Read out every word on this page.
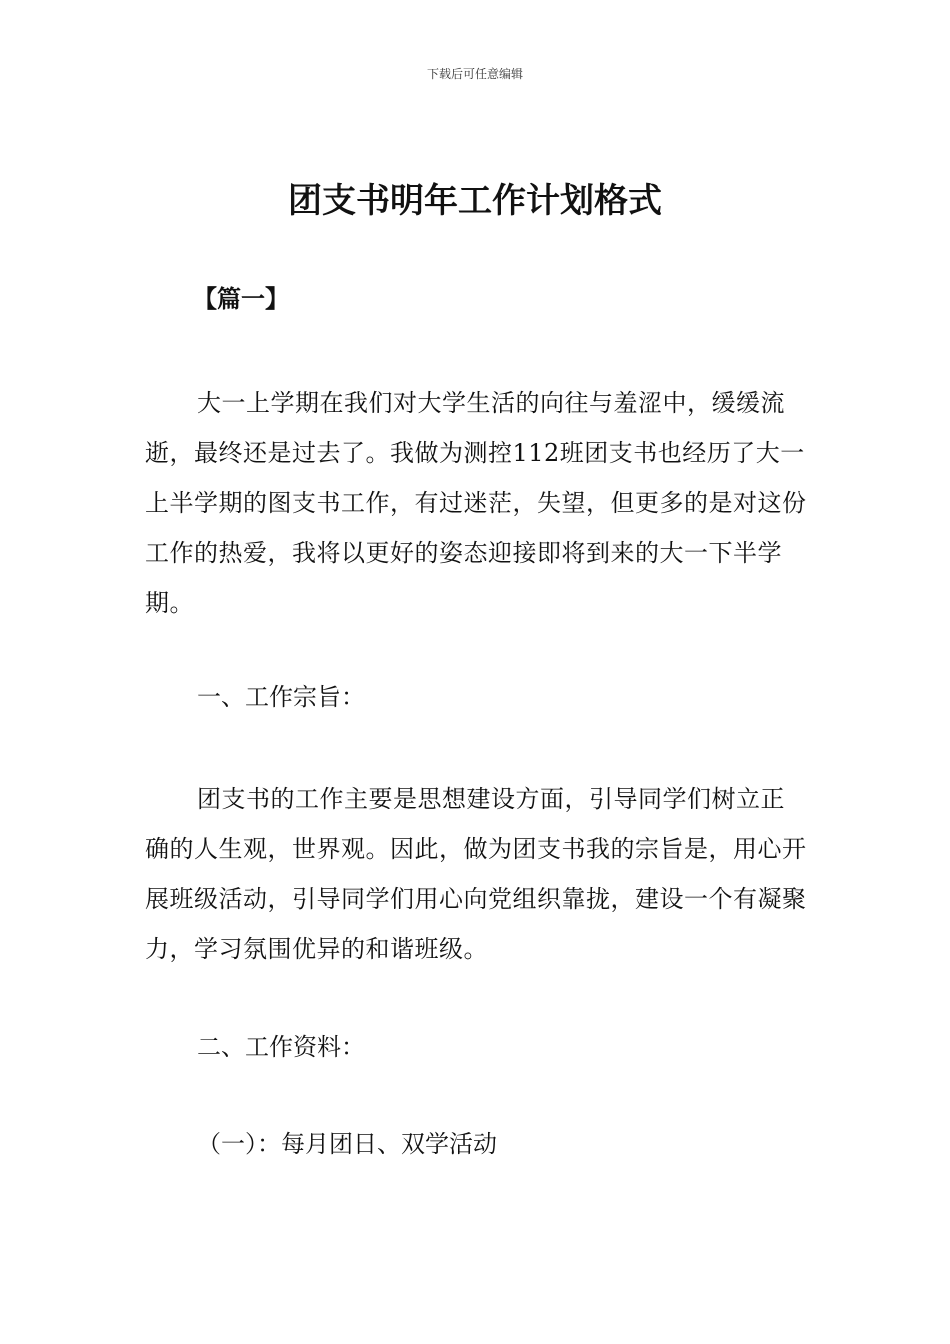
下载后可任意编辑
团支书明年工作计划格式
【篇一】

大一上学期在我们对大学生活的向往与羞涩中，缓缓流逝，最终还是过去了。我做为测控112班团支书也经历了大一上半学期的图支书工作，有过迷茫，失望，但更多的是对这份工作的热爱，我将以更好的姿态迎接即将到来的大一下半学期。

一、工作宗旨：

团支书的工作主要是思想建设方面，引导同学们树立正确的人生观，世界观。因此，做为团支书我的宗旨是，用心开展班级活动，引导同学们用心向党组织靠拢，建设一个有凝聚力，学习氛围优异的和谐班级。

二、工作资料：

（一）：每月团日、双学活动
